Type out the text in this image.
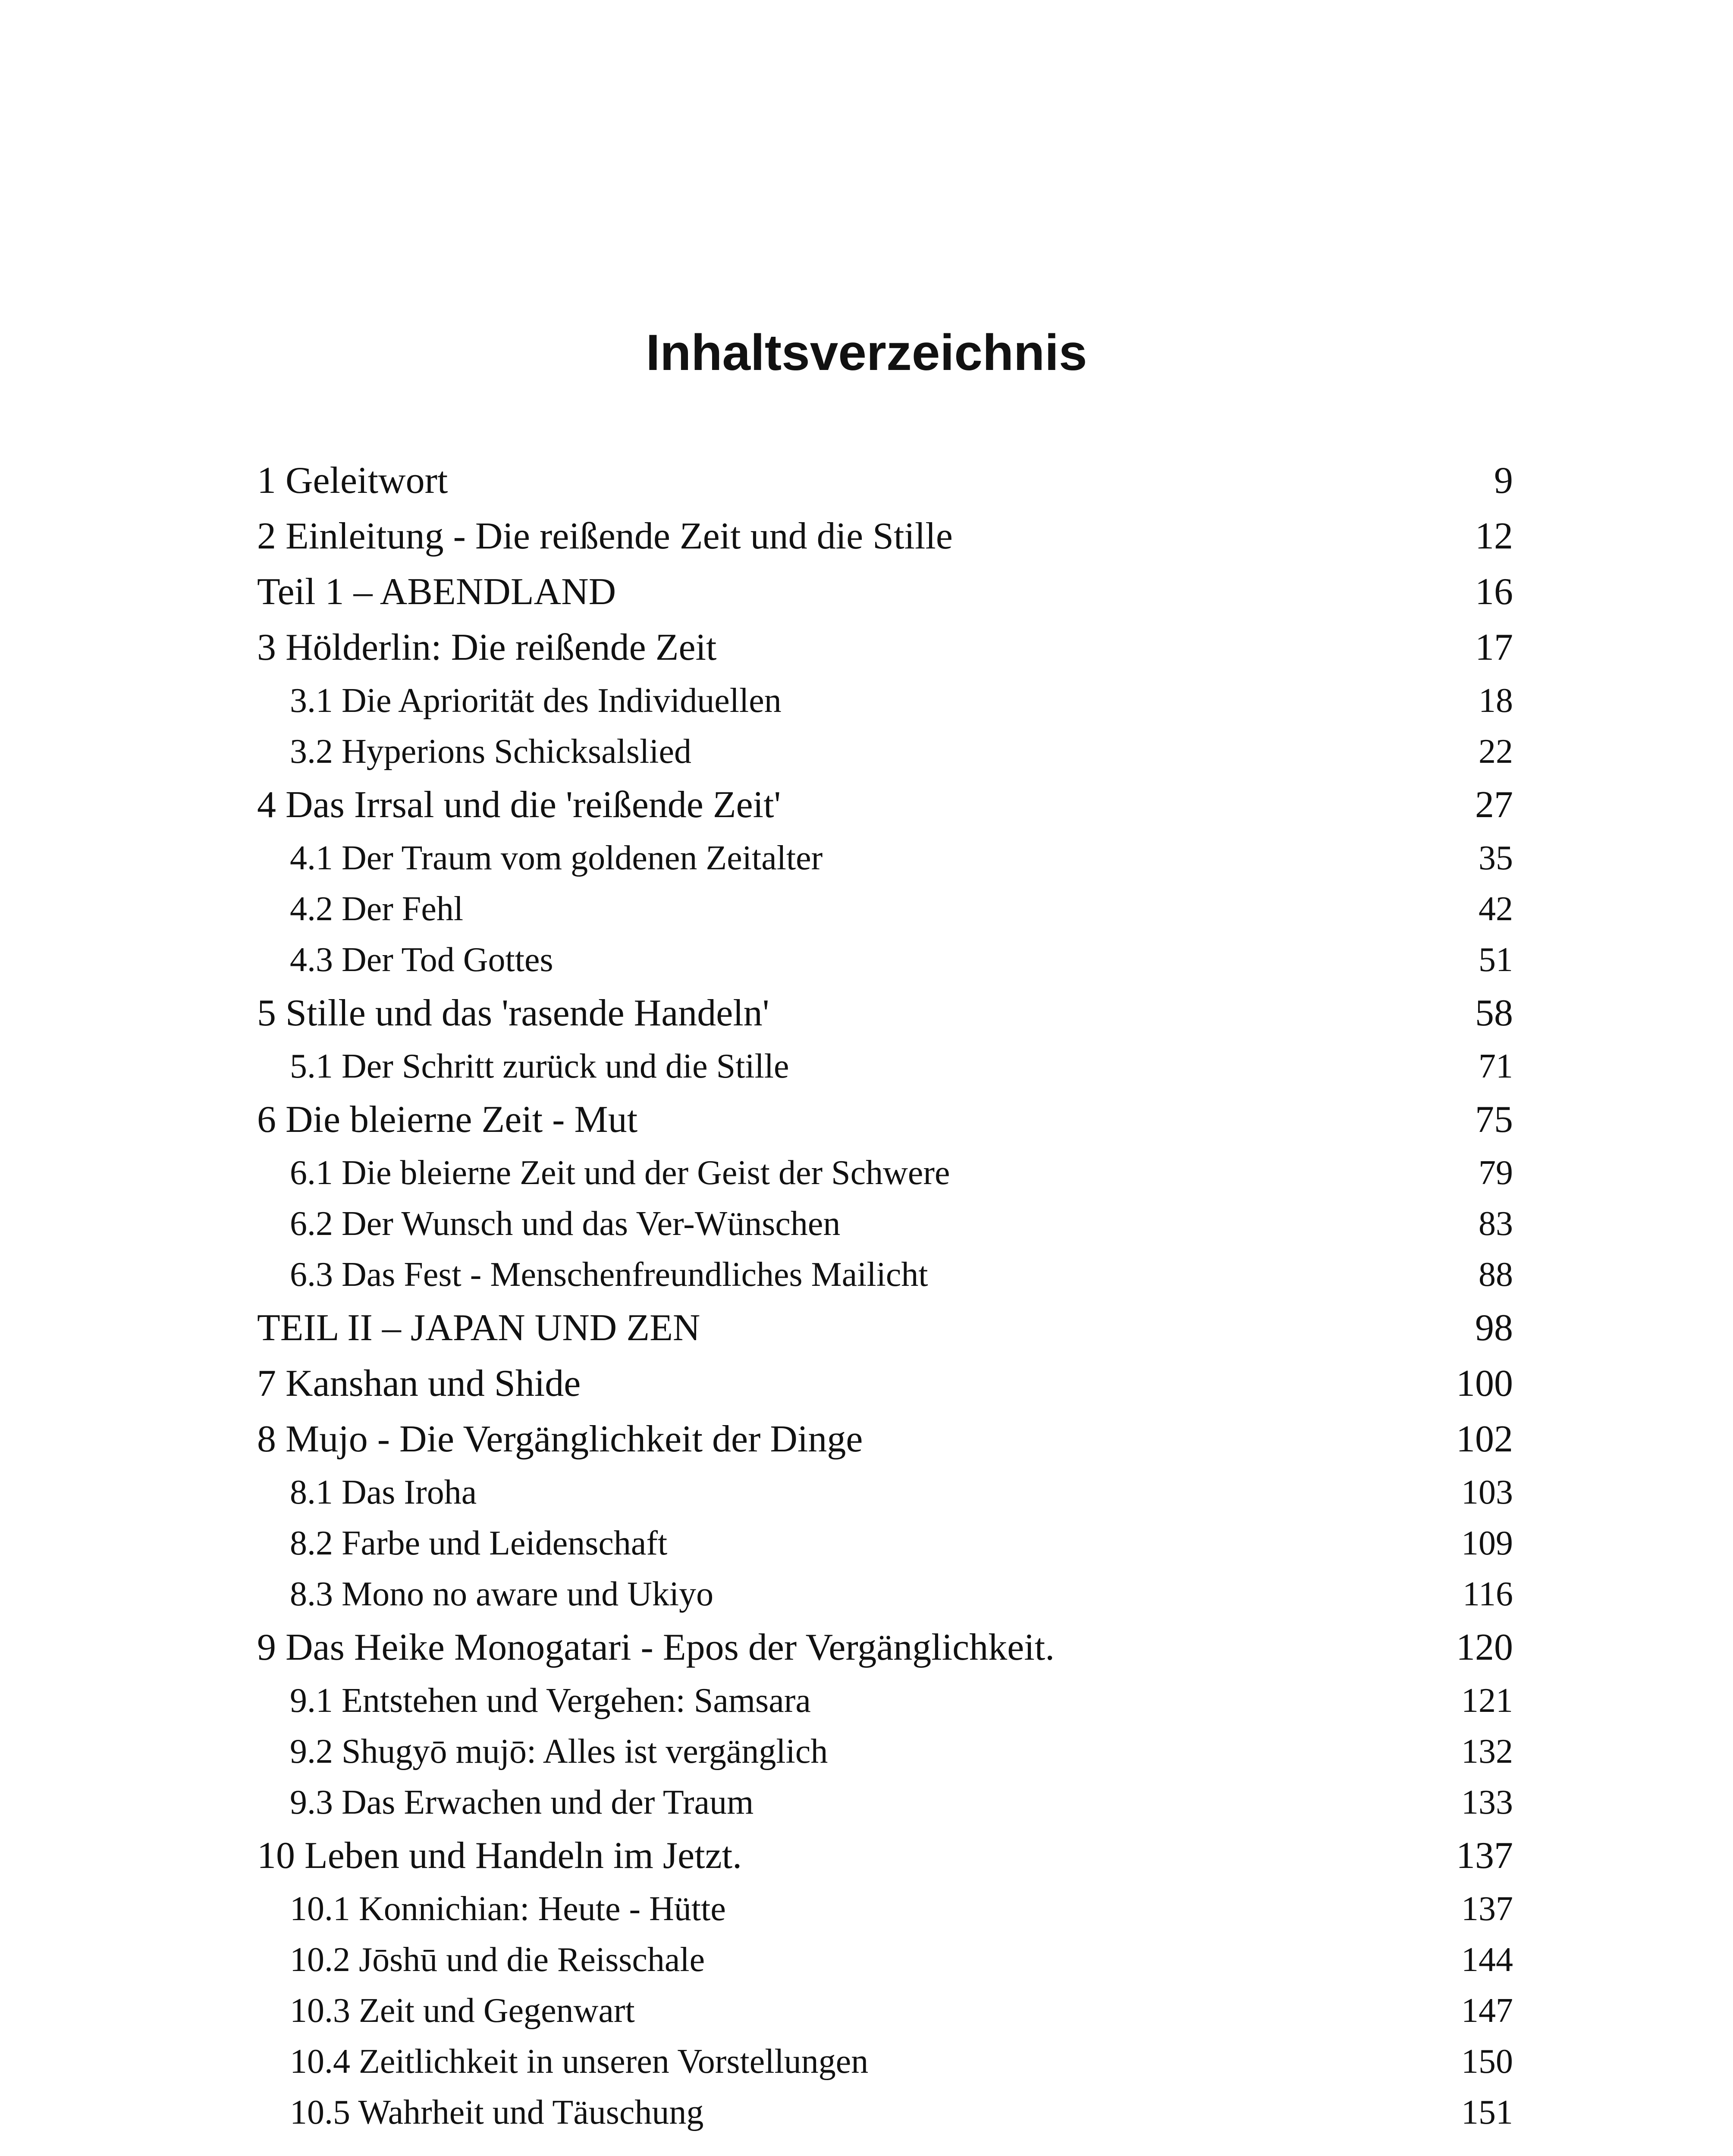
Inhaltsverzeichnis
1 Geleitwort	9
2 Einleitung - Die reißende Zeit und die Stille	12
Teil 1 – ABENDLAND	16
3 Hölderlin: Die reißende Zeit	17
3.1 Die Apriorität des Individuellen	18
3.2 Hyperions Schicksalslied	22
4 Das Irrsal und die 'reißende Zeit'	27
4.1 Der Traum vom goldenen Zeitalter	35
4.2 Der Fehl	42
4.3 Der Tod Gottes	51
5 Stille und das 'rasende Handeln'	58
5.1 Der Schritt zurück und die Stille	71
6 Die bleierne Zeit - Mut	75
6.1 Die bleierne Zeit und der Geist der Schwere	79
6.2 Der Wunsch und das Ver-Wünschen	83
6.3 Das Fest - Menschenfreundliches Mailicht	88
TEIL II – JAPAN UND ZEN	98
7 Kanshan und Shide	100
8 Mujo - Die Vergänglichkeit der Dinge	102
8.1 Das Iroha	103
8.2 Farbe und Leidenschaft	109
8.3 Mono no aware und Ukiyo	116
9 Das Heike Monogatari - Epos der Vergänglichkeit.	120
9.1 Entstehen und Vergehen: Samsara	121
9.2 Shugyō mujō: Alles ist vergänglich	132
9.3 Das Erwachen und der Traum	133
10 Leben und Handeln im Jetzt.	137
10.1 Konnichian: Heute - Hütte	137
10.2 Jōshū und die Reisschale	144
10.3 Zeit und Gegenwart	147
10.4 Zeitlichkeit in unseren Vorstellungen	150
10.5 Wahrheit und Täuschung	151
